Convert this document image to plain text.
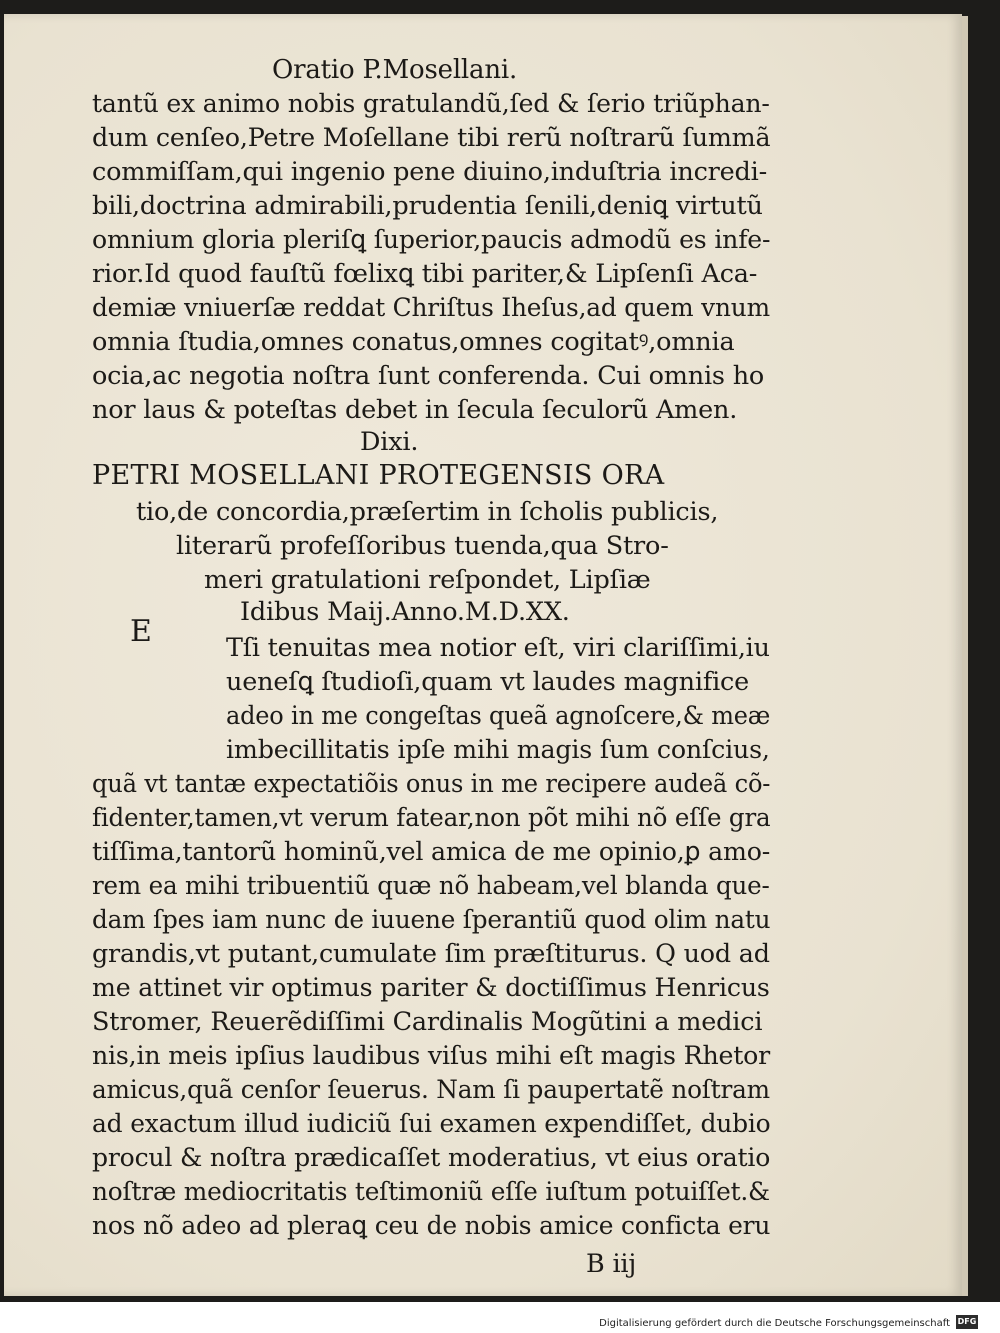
Oratio P.Mosellani.
tantũ ex animo nobis gratulandũ,ſed & ſerio triũphan-
dum cenſeo,Petre Moſellane tibi rerũ noſtrarũ ſummã
commiſſam,qui ingenio pene diuino,induſtria incredi-
bili,doctrina admirabili,prudentia ſenili,deniꝗ virtutũ
omnium gloria pleriſꝗ ſuperior,paucis admodũ es infe-
rior.Id quod fauſtũ fœlixꝗ tibi pariter,& Lipſenſi Aca-
demiæ vniuerſæ reddat Chriſtus Iheſus,ad quem vnum
omnia ſtudia,omnes conatus,omnes cogitatꝰ,omnia
ocia,ac negotia noſtra ſunt conferenda. Cui omnis ho
nor laus & poteſtas debet in ſecula ſeculorũ Amen.
Dixi.
PETRI MOSELLANI PROTEGENSIS ORA
tio,de concordia,præſertim in ſcholis publicis,
literarũ profeſſoribus tuenda,qua Stro-
meri gratulationi reſpondet, Lipſiæ
Idibus Maij.Anno.M.D.XX.
E	Tſi tenuitas mea notior eſt, viri clariſſimi,iu
ueneſꝗ ſtudioſi,quam vt laudes magnifice
adeo in me congeſtas queã agnoſcere,& meæ
imbecillitatis ipſe mihi magis ſum conſcius,
quã vt tantæ expectatiõis onus in me recipere audeã cõ-
fidenter,tamen,vt verum fatear,non põt mihi nõ eſſe gra
tiſſima,tantorũ hominũ,vel amica de me opinio,ꝑ amo-
rem ea mihi tribuentiũ quæ nõ habeam,vel blanda que-
dam ſpes iam nunc de iuuene ſperantiũ quod olim natu
grandis,vt putant,cumulate ſim præſtiturus. Q uod ad
me attinet vir optimus pariter & doctiſſimus Henricus
Stromer, Reuerẽdiſſimi Cardinalis Mogũtini a medici
nis,in meis ipſius laudibus viſus mihi eſt magis Rhetor
amicus,quã cenſor ſeuerus. Nam ſi paupertatẽ noſtram
ad exactum illud iudiciũ ſui examen expendiſſet, dubio
procul & noſtra prædicaſſet moderatius, vt eius oratio
noſtræ mediocritatis teſtimoniũ eſſe iuſtum potuiſſet.&
nos nõ adeo ad pleraꝗ ceu de nobis amice conficta eru
B iij
Digitalisierung gefördert durch die Deutsche Forschungsgemeinschaft DFG
